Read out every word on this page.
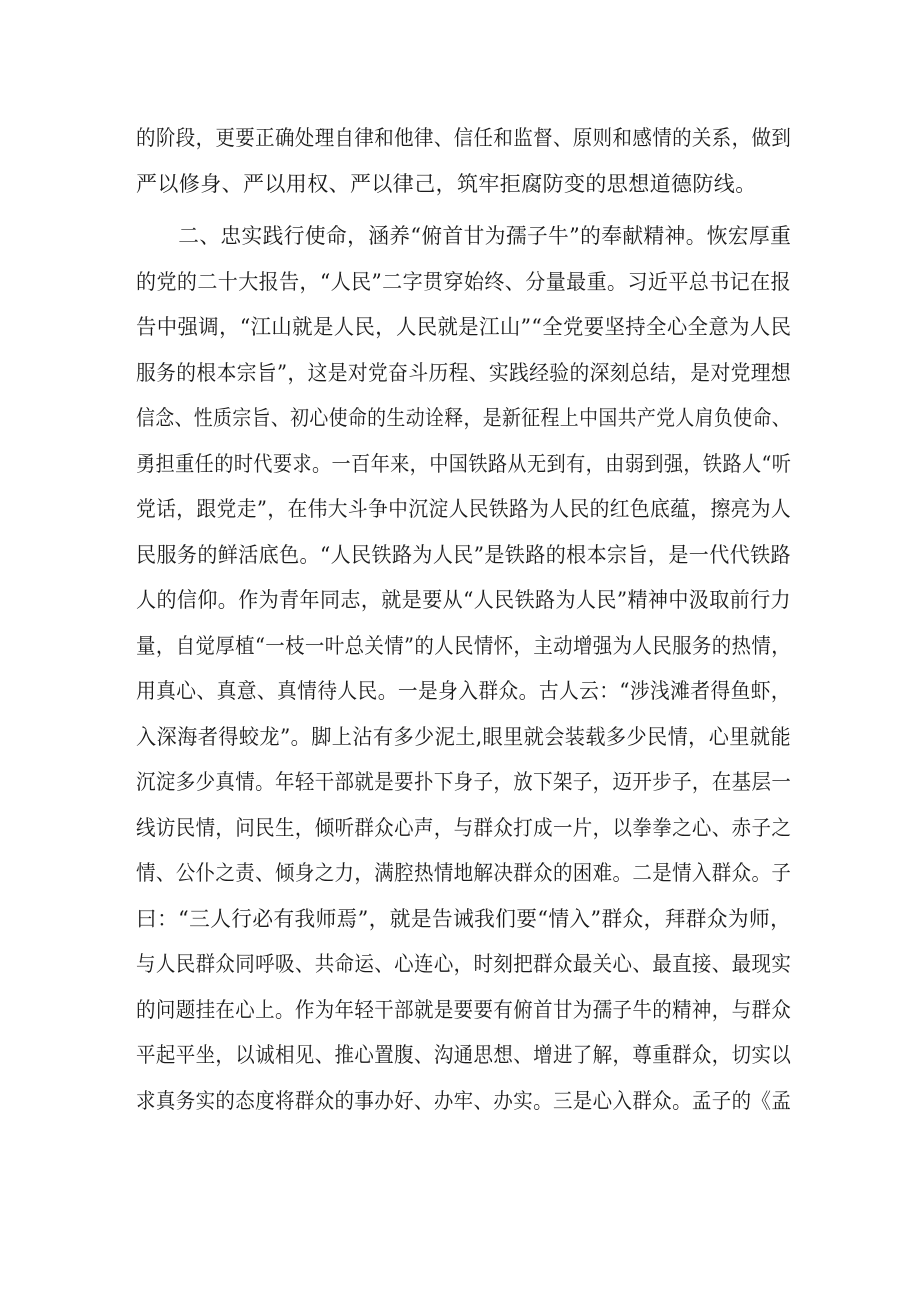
的阶段，更要正确处理自律和他律、信任和监督、原则和感情的关系，做到
严以修身、严以用权、严以律己，筑牢拒腐防变的思想道德防线。
　　二、忠实践行使命，涵养“俯首甘为孺子牛”的奉献精神。恢宏厚重
的党的二十大报告，“人民”二字贯穿始终、分量最重。习近平总书记在报
告中强调，“江山就是人民，人民就是江山”“全党要坚持全心全意为人民
服务的根本宗旨”，这是对党奋斗历程、实践经验的深刻总结，是对党理想
信念、性质宗旨、初心使命的生动诠释，是新征程上中国共产党人肩负使命、
勇担重任的时代要求。一百年来，中国铁路从无到有，由弱到强，铁路人“听
党话，跟党走”，在伟大斗争中沉淀人民铁路为人民的红色底蕴，擦亮为人
民服务的鲜活底色。“人民铁路为人民”是铁路的根本宗旨，是一代代铁路
人的信仰。作为青年同志，就是要从“人民铁路为人民”精神中汲取前行力
量，自觉厚植“一枝一叶总关情”的人民情怀，主动增强为人民服务的热情，
用真心、真意、真情待人民。一是身入群众。古人云：“涉浅滩者得鱼虾，
入深海者得蛟龙”。脚上沾有多少泥土,眼里就会装载多少民情，心里就能
沉淀多少真情。年轻干部就是要扑下身子，放下架子，迈开步子，在基层一
线访民情，问民生，倾听群众心声，与群众打成一片，以拳拳之心、赤子之
情、公仆之责、倾身之力，满腔热情地解决群众的困难。二是情入群众。子
曰：“三人行必有我师焉”，就是告诫我们要“情入”群众，拜群众为师，
与人民群众同呼吸、共命运、心连心，时刻把群众最关心、最直接、最现实
的问题挂在心上。作为年轻干部就是要要有俯首甘为孺子牛的精神，与群众
平起平坐，以诚相见、推心置腹、沟通思想、增进了解，尊重群众，切实以
求真务实的态度将群众的事办好、办牢、办实。三是心入群众。孟子的《孟
